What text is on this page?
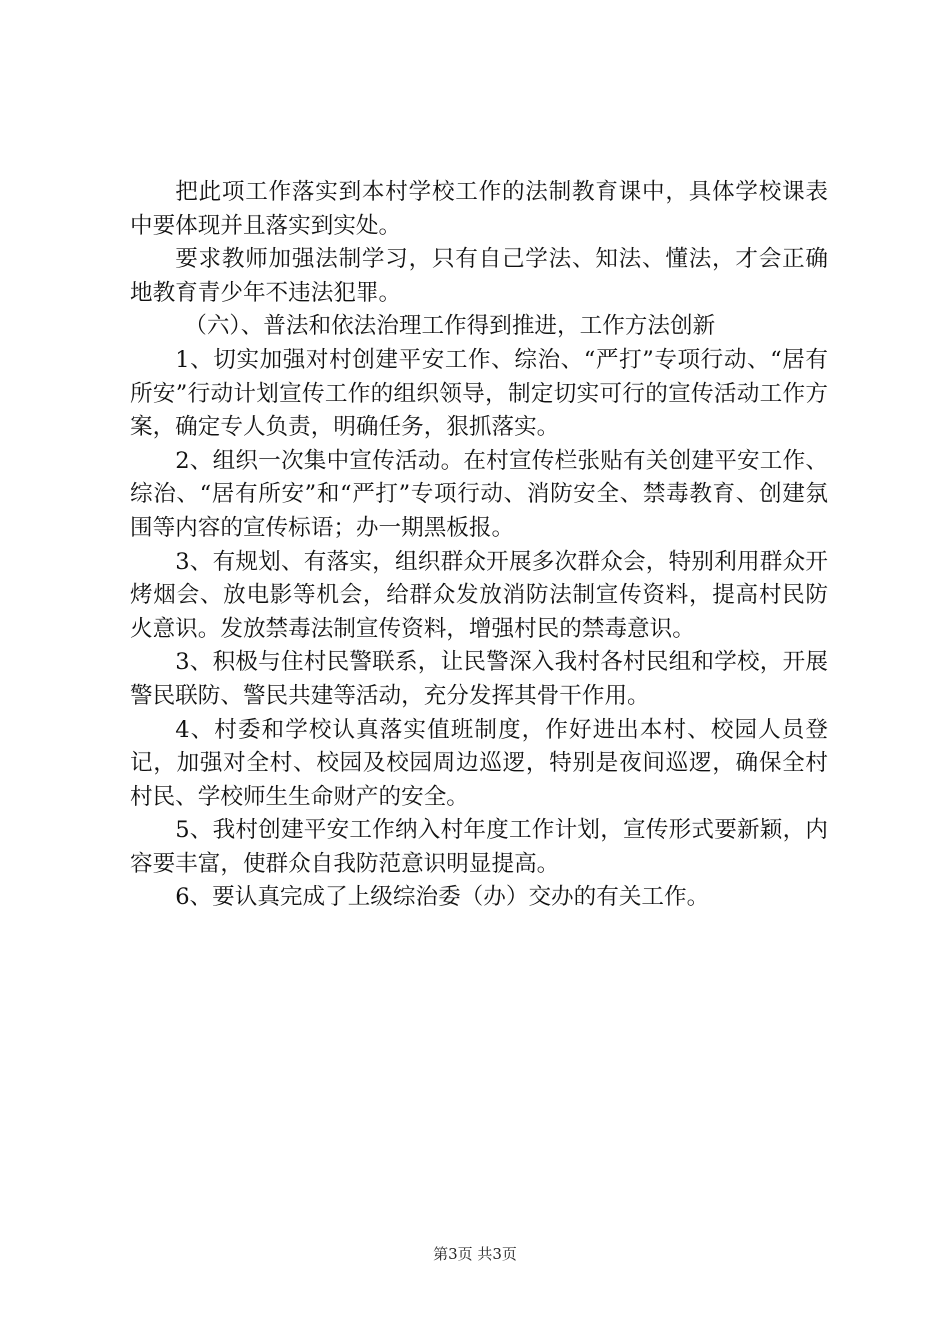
把此项工作落实到本村学校工作的法制教育课中，具体学校课表中要体现并且落实到实处。

要求教师加强法制学习，只有自己学法、知法、懂法，才会正确地教育青少年不违法犯罪。

（六）、普法和依法治理工作得到推进，工作方法创新

1、切实加强对村创建平安工作、综治、“严打”专项行动、“居有所安”行动计划宣传工作的组织领导，制定切实可行的宣传活动工作方案，确定专人负责，明确任务，狠抓落实。

2、组织一次集中宣传活动。在村宣传栏张贴有关创建平安工作、综治、“居有所安”和“严打”专项行动、消防安全、禁毒教育、创建氛围等内容的宣传标语；办一期黑板报。

3、有规划、有落实，组织群众开展多次群众会，特别利用群众开烤烟会、放电影等机会，给群众发放消防法制宣传资料，提高村民防火意识。发放禁毒法制宣传资料，增强村民的禁毒意识。

3、积极与住村民警联系，让民警深入我村各村民组和学校，开展警民联防、警民共建等活动，充分发挥其骨干作用。

4、村委和学校认真落实值班制度，作好进出本村、校园人员登记，加强对全村、校园及校园周边巡逻，特别是夜间巡逻，确保全村村民、学校师生生命财产的安全。

5、我村创建平安工作纳入村年度工作计划，宣传形式要新颖，内容要丰富，使群众自我防范意识明显提高。

6、要认真完成了上级综治委（办）交办的有关工作。

第3页 共3页
